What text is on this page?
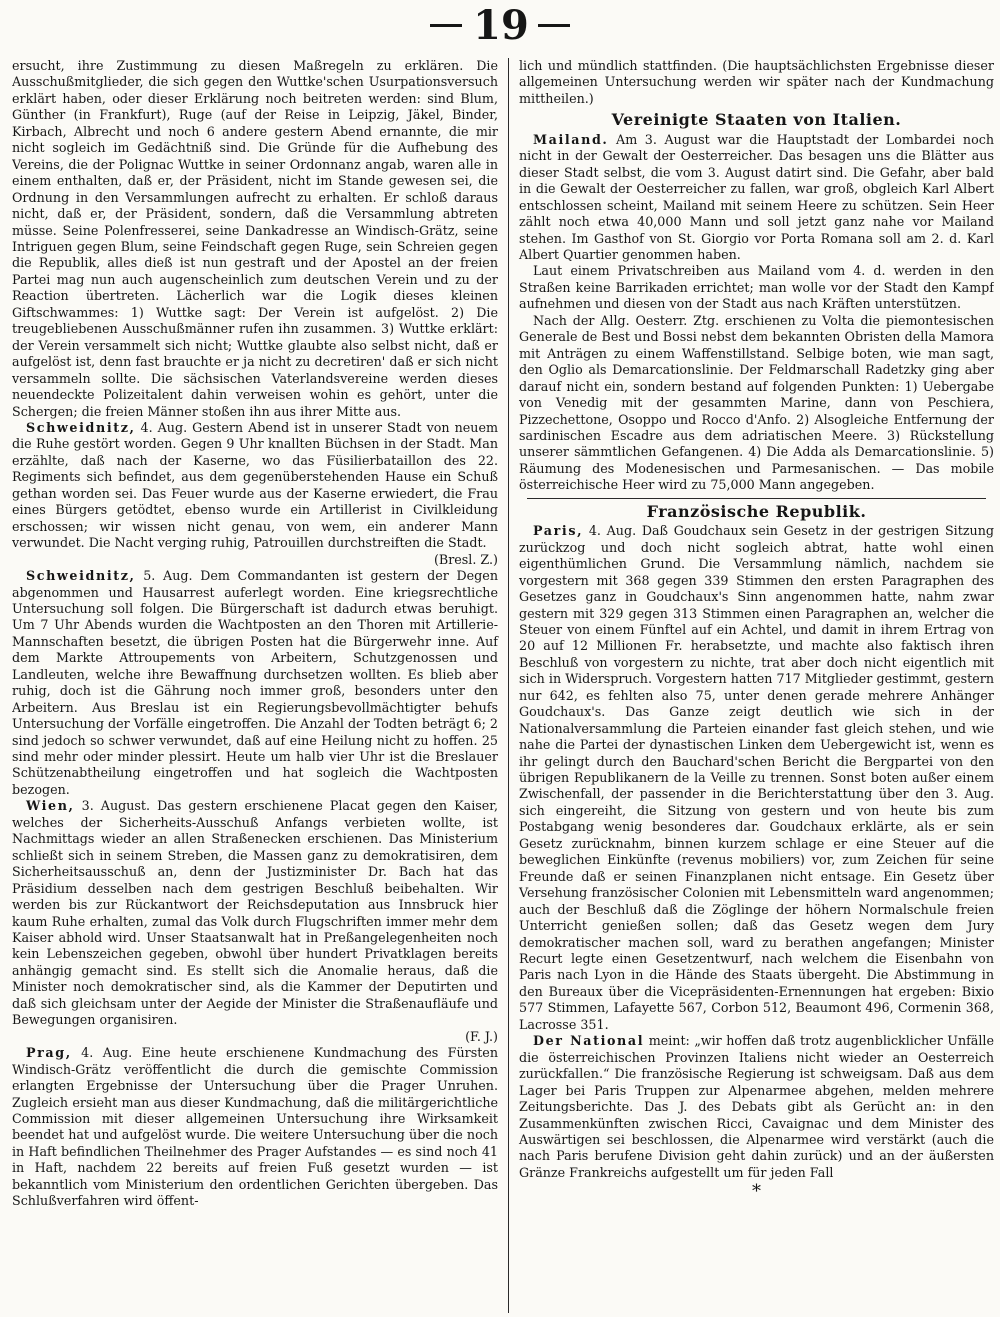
19

ersucht, ihre Zustimmung zu diesen Maßregeln zu erklären. Die Ausschußmitglieder, die sich gegen den Wuttke'schen Usurpationsversuch erklärt haben, oder dieser Erklärung noch beitreten werden: sind Blum, Günther (in Frankfurt), Ruge (auf der Reise in Leipzig, Jäkel, Binder, Kirbach, Albrecht und noch 6 andere gestern Abend ernannte, die mir nicht sogleich im Gedächtniß sind. Die Gründe für die Aufhebung des Vereins, die der Polignac Wuttke in seiner Ordonnanz angab, waren alle in einem enthalten, daß er, der Präsident, nicht im Stande gewesen sei, die Ordnung in den Versammlungen aufrecht zu erhalten. Er schloß daraus nicht, daß er, der Präsident, sondern, daß die Versammlung abtreten müsse. Seine Polenfresserei, seine Dankadresse an Windisch-Grätz, seine Intriguen gegen Blum, seine Feindschaft gegen Ruge, sein Schreien gegen die Republik, alles dieß ist nun gestraft und der Apostel an der freien Partei mag nun auch augenscheinlich zum deutschen Verein und zu der Reaction übertreten. Lächerlich war die Logik dieses kleinen Giftschwammes: 1) Wuttke sagt: Der Verein ist aufgelöst. 2) Die treugebliebenen Ausschußmänner rufen ihn zusammen. 3) Wuttke erklärt: der Verein versammelt sich nicht; Wuttke glaubte also selbst nicht, daß er aufgelöst ist, denn fast brauchte er ja nicht zu decretiren' daß er sich nicht versammeln sollte. Die sächsischen Vaterlandsvereine werden dieses neuendeckte Polizeitalent dahin verweisen wohin es gehört, unter die Schergen; die freien Männer stoßen ihn aus ihrer Mitte aus.

Schweidnitz, 4. Aug. Gestern Abend ist in unserer Stadt von neuem die Ruhe gestört worden. Gegen 9 Uhr knallten Büchsen in der Stadt. Man erzählte, daß nach der Kaserne, wo das Füsilierbataillon des 22. Regiments sich befindet, aus dem gegenüberstehenden Hause ein Schuß gethan worden sei. Das Feuer wurde aus der Kaserne erwiedert, die Frau eines Bürgers getödtet, ebenso wurde ein Artillerist in Civilkleidung erschossen; wir wissen nicht genau, von wem, ein anderer Mann verwundet. Die Nacht verging ruhig, Patrouillen durchstreiften die Stadt.
(Bresl. Z.)

Schweidnitz, 5. Aug. Dem Commandanten ist gestern der Degen abgenommen und Hausarrest auferlegt worden. Eine kriegsrechtliche Untersuchung soll folgen. Die Bürgerschaft ist dadurch etwas beruhigt. Um 7 Uhr Abends wurden die Wachtposten an den Thoren mit Artillerie-Mannschaften besetzt, die übrigen Posten hat die Bürgerwehr inne. Auf dem Markte Attroupements von Arbeitern, Schutzgenossen und Landleuten, welche ihre Bewaffnung durchsetzen wollten. Es blieb aber ruhig, doch ist die Gährung noch immer groß, besonders unter den Arbeitern. Aus Breslau ist ein Regierungsbevollmächtigter behufs Untersuchung der Vorfälle eingetroffen. Die Anzahl der Todten beträgt 6; 2 sind jedoch so schwer verwundet, daß auf eine Heilung nicht zu hoffen. 25 sind mehr oder minder plessirt. Heute um halb vier Uhr ist die Breslauer Schützenabtheilung eingetroffen und hat sogleich die Wachtposten bezogen.

Wien, 3. August. Das gestern erschienene Placat gegen den Kaiser, welches der Sicherheits-Ausschuß Anfangs verbieten wollte, ist Nachmittags wieder an allen Straßenecken erschienen. Das Ministerium schließt sich in seinem Streben, die Massen ganz zu demokratisiren, dem Sicherheitsausschuß an, denn der Justizminister Dr. Bach hat das Präsidium desselben nach dem gestrigen Beschluß beibehalten. Wir werden bis zur Rückantwort der Reichsdeputation aus Innsbruck hier kaum Ruhe erhalten, zumal das Volk durch Flugschriften immer mehr dem Kaiser abhold wird. Unser Staatsanwalt hat in Preßangelegenheiten noch kein Lebenszeichen gegeben, obwohl über hundert Privatklagen bereits anhängig gemacht sind. Es stellt sich die Anomalie heraus, daß die Minister noch demokratischer sind, als die Kammer der Deputirten und daß sich gleichsam unter der Aegide der Minister die Straßenaufläufe und Bewegungen organisiren.
(F. J.)

Prag, 4. Aug. Eine heute erschienene Kundmachung des Fürsten Windisch-Grätz veröffentlicht die durch die gemischte Commission erlangten Ergebnisse der Untersuchung über die Prager Unruhen. Zugleich ersieht man aus dieser Kundmachung, daß die militärgerichtliche Commission mit dieser allgemeinen Untersuchung ihre Wirksamkeit beendet hat und aufgelöst wurde. Die weitere Untersuchung über die noch in Haft befindlichen Theilnehmer des Prager Aufstandes — es sind noch 41 in Haft, nachdem 22 bereits auf freien Fuß gesetzt wurden — ist bekanntlich vom Ministerium den ordentlichen Gerichten übergeben. Das Schlußverfahren wird öffent-

lich und mündlich stattfinden. (Die hauptsächlichsten Ergebnisse dieser allgemeinen Untersuchung werden wir später nach der Kundmachung mittheilen.)

Vereinigte Staaten von Italien.

Mailand. Am 3. August war die Hauptstadt der Lombardei noch nicht in der Gewalt der Oesterreicher. Das besagen uns die Blätter aus dieser Stadt selbst, die vom 3. August datirt sind. Die Gefahr, aber bald in die Gewalt der Oesterreicher zu fallen, war groß, obgleich Karl Albert entschlossen scheint, Mailand mit seinem Heere zu schützen. Sein Heer zählt noch etwa 40,000 Mann und soll jetzt ganz nahe vor Mailand stehen. Im Gasthof von St. Giorgio vor Porta Romana soll am 2. d. Karl Albert Quartier genommen haben.

Laut einem Privatschreiben aus Mailand vom 4. d. werden in den Straßen keine Barrikaden errichtet; man wolle vor der Stadt den Kampf aufnehmen und diesen von der Stadt aus nach Kräften unterstützen.

Nach der Allg. Oesterr. Ztg. erschienen zu Volta die piemontesischen Generale de Best und Bossi nebst dem bekannten Obristen della Mamora mit Anträgen zu einem Waffenstillstand. Selbige boten, wie man sagt, den Oglio als Demarcationslinie. Der Feldmarschall Radetzky ging aber darauf nicht ein, sondern bestand auf folgenden Punkten: 1) Uebergabe von Venedig mit der gesammten Marine, dann von Peschiera, Pizzechettone, Osoppo und Rocco d'Anfo. 2) Alsogleiche Entfernung der sardinischen Escadre aus dem adriatischen Meere. 3) Rückstellung unserer sämmtlichen Gefangenen. 4) Die Adda als Demarcationslinie. 5) Räumung des Modenesischen und Parmesanischen. — Das mobile österreichische Heer wird zu 75,000 Mann angegeben.

Französische Republik.

Paris, 4. Aug. Daß Goudchaux sein Gesetz in der gestrigen Sitzung zurückzog und doch nicht sogleich abtrat, hatte wohl einen eigenthümlichen Grund. Die Versammlung nämlich, nachdem sie vorgestern mit 368 gegen 339 Stimmen den ersten Paragraphen des Gesetzes ganz in Goudchaux's Sinn angenommen hatte, nahm zwar gestern mit 329 gegen 313 Stimmen einen Paragraphen an, welcher die Steuer von einem Fünftel auf ein Achtel, und damit in ihrem Ertrag von 20 auf 12 Millionen Fr. herabsetzte, und machte also faktisch ihren Beschluß von vorgestern zu nichte, trat aber doch nicht eigentlich mit sich in Widerspruch. Vorgestern hatten 717 Mitglieder gestimmt, gestern nur 642, es fehlten also 75, unter denen gerade mehrere Anhänger Goudchaux's. Das Ganze zeigt deutlich wie sich in der Nationalversammlung die Parteien einander fast gleich stehen, und wie nahe die Partei der dynastischen Linken dem Uebergewicht ist, wenn es ihr gelingt durch den Bauchard'schen Bericht die Bergpartei von den übrigen Republikanern de la Veille zu trennen. Sonst boten außer einem Zwischenfall, der passender in die Berichterstattung über den 3. Aug. sich eingereiht, die Sitzung von gestern und von heute bis zum Postabgang wenig besonderes dar. Goudchaux erklärte, als er sein Gesetz zurücknahm, binnen kurzem schlage er eine Steuer auf die beweglichen Einkünfte (revenus mobiliers) vor, zum Zeichen für seine Freunde daß er seinen Finanzplanen nicht entsage. Ein Gesetz über Versehung französischer Colonien mit Lebensmitteln ward angenommen; auch der Beschluß daß die Zöglinge der höhern Normalschule freien Unterricht genießen sollen; daß das Gesetz wegen dem Jury demokratischer machen soll, ward zu berathen angefangen; Minister Recurt legte einen Gesetzentwurf, nach welchem die Eisenbahn von Paris nach Lyon in die Hände des Staats übergeht. Die Abstimmung in den Bureaux über die Vicepräsidenten-Ernennungen hat ergeben: Bixio 577 Stimmen, Lafayette 567, Corbon 512, Beaumont 496, Cormenin 368, Lacrosse 351.

Der National meint: „wir hoffen daß trotz augenblicklicher Unfälle die österreichischen Provinzen Italiens nicht wieder an Oesterreich zurückfallen.“ Die französische Regierung ist schweigsam. Daß aus dem Lager bei Paris Truppen zur Alpenarmee abgehen, melden mehrere Zeitungsberichte. Das J. des Debats gibt als Gerücht an: in den Zusammenkünften zwischen Ricci, Cavaignac und dem Minister des Auswärtigen sei beschlossen, die Alpenarmee wird verstärkt (auch die nach Paris berufene Division geht dahin zurück) und an der äußersten Gränze Frankreichs aufgestellt um für jeden Fall

*
